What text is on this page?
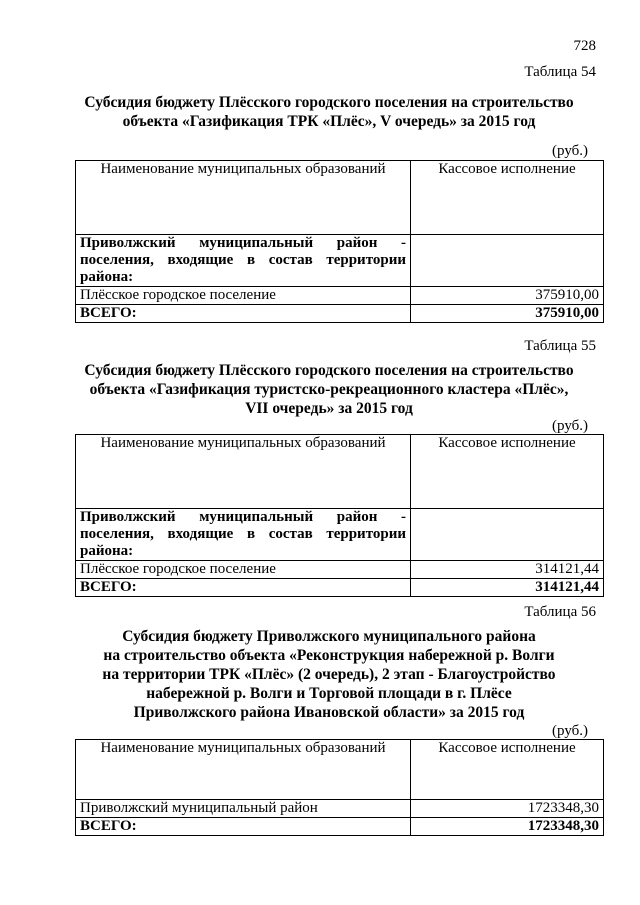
728
Таблица 54
Субсидия бюджету Плёсского городского поселения на строительство
объекта «Газификация ТРК «Плёс», V очередь» за 2015 год
(руб.)
Наименование муниципальных образований	Кассовое исполнение

Приволжский муниципальный район -
поселения, входящие в состав территории
района:	

Плёсское городское поселение	375910,00
ВСЕГО:	375910,00
Таблица 55
Субсидия бюджету Плёсского городского поселения на строительство
объекта «Газификация туристско-рекреационного кластера «Плёс»,
VII очередь» за 2015 год
(руб.)
Наименование муниципальных образований	Кассовое исполнение

Приволжский муниципальный район -
поселения, входящие в состав территории
района:	

Плёсское городское поселение	314121,44
ВСЕГО:	314121,44
Таблица 56
Субсидия бюджету Приволжского муниципального района
на строительство объекта «Реконструкция набережной р. Волги
на территории ТРК «Плёс» (2 очередь), 2 этап - Благоустройство
набережной р. Волги и Торговой площади в г. Плёсе
Приволжского района Ивановской области» за 2015 год
(руб.)
Наименование муниципальных образований	Кассовое исполнение
Приволжский муниципальный район	1723348,30
ВСЕГО:	1723348,30
